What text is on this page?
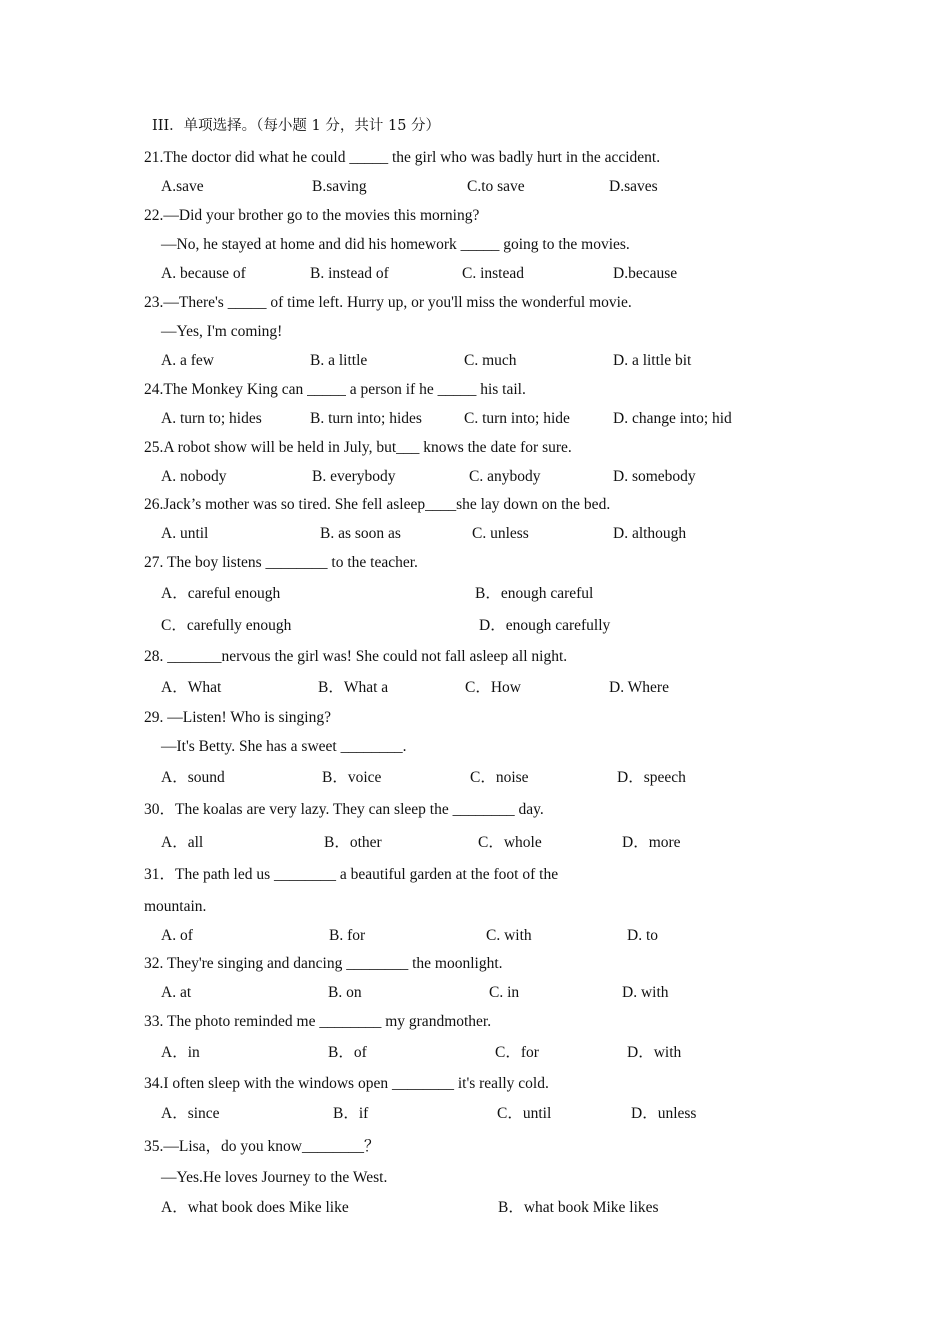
III．单项选择。（每小题 1 分，共计 15 分）
21.The doctor did what he could _____ the girl who was badly hurt in the accident.
A.save	B.saving	C.to save	D.saves
22.—Did your brother go to the movies this morning?
—No, he stayed at home and did his homework _____ going to the movies.
A. because of	B. instead of	C. instead	D.because
23.—There's _____ of time left. Hurry up, or you'll miss the wonderful movie.
—Yes, I'm coming!
A. a few	B. a little	C. much	D. a little bit
24.The Monkey King can _____ a person if he _____ his tail.
A. turn to; hides	B. turn into; hides	C. turn into; hide	D. change into; hid
25.A robot show will be held in July, but___ knows the date for sure.
A. nobody	B. everybody	C. anybody	D. somebody
26.Jack’s mother was so tired. She fell asleep____she lay down on the bed.
A. until	B. as soon as	C. unless	D. although
27. The boy listens ________ to the teacher.
A．careful enough	B．enough careful
C．carefully enough	D．enough carefully
28. _______nervous the girl was! She could not fall asleep all night.
A．What	B．What a	C．How	D. Where
29. —Listen! Who is singing?
—It's Betty. She has a sweet ________.
A．sound	B．voice	C．noise	D．speech
30．The koalas are very lazy. They can sleep the ________ day.
A．all	B．other	C．whole	D．more
31．The path led us ________ a beautiful garden at the foot of the
mountain.
A. of	B. for	C. with	D. to
32. They're singing and dancing ________ the moonlight.
A. at	B. on	C. in	D. with
33. The photo reminded me ________ my grandmother.
A．in	B．of	C．for	D．with
34.I often sleep with the windows open ________ it's really cold.
A．since	B．if	C．until	D．unless
35.—Lisa，do you know________？
—Yes.He loves Journey to the West.
A．what book does Mike like	B．what book Mike likes
